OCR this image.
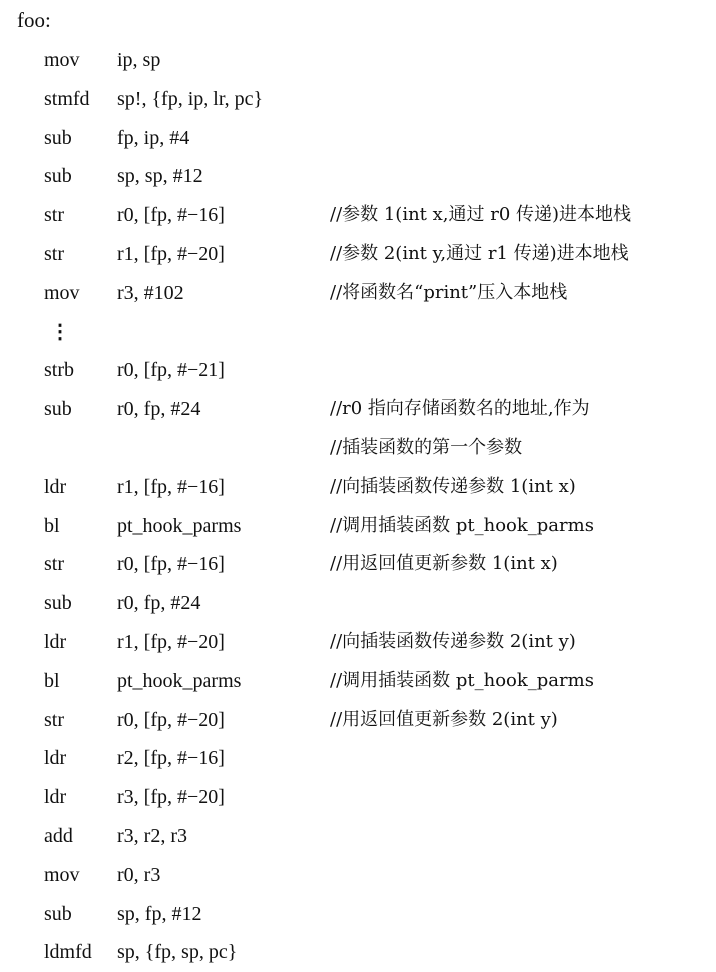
foo:
mov ip, sp
stmfd sp!, {fp, ip, lr, pc}
sub fp, ip, #4
sub sp, sp, #12
str	r0, [fp, #−16]	//参数 1(int x,通过 r0 传递)进本地栈
str	r1, [fp, #−20]	//参数 2(int y,通过 r1 传递)进本地栈
mov r3, #102	//将函数名“print”压入本地栈
⋮
strb r0, [fp, #−21]
sub r0, fp, #24	//r0 指向存储函数名的地址,作为
//插装函数的第一个参数
ldr	r1, [fp, #−16]	//向插装函数传递参数 1(int x)
bl	pt_hook_parms	//调用插装函数 pt_hook_parms
str	r0, [fp, #−16]	//用返回值更新参数 1(int x)
sub r0, fp, #24
ldr	r1, [fp, #−20]	//向插装函数传递参数 2(int y)
bl	pt_hook_parms	//调用插装函数 pt_hook_parms
str	r0, [fp, #−20]	//用返回值更新参数 2(int y)
ldr	r2, [fp, #−16]
ldr	r3, [fp, #−20]
add r3, r2, r3
mov r0, r3
sub sp, fp, #12
ldmfd sp, {fp, sp, pc}
